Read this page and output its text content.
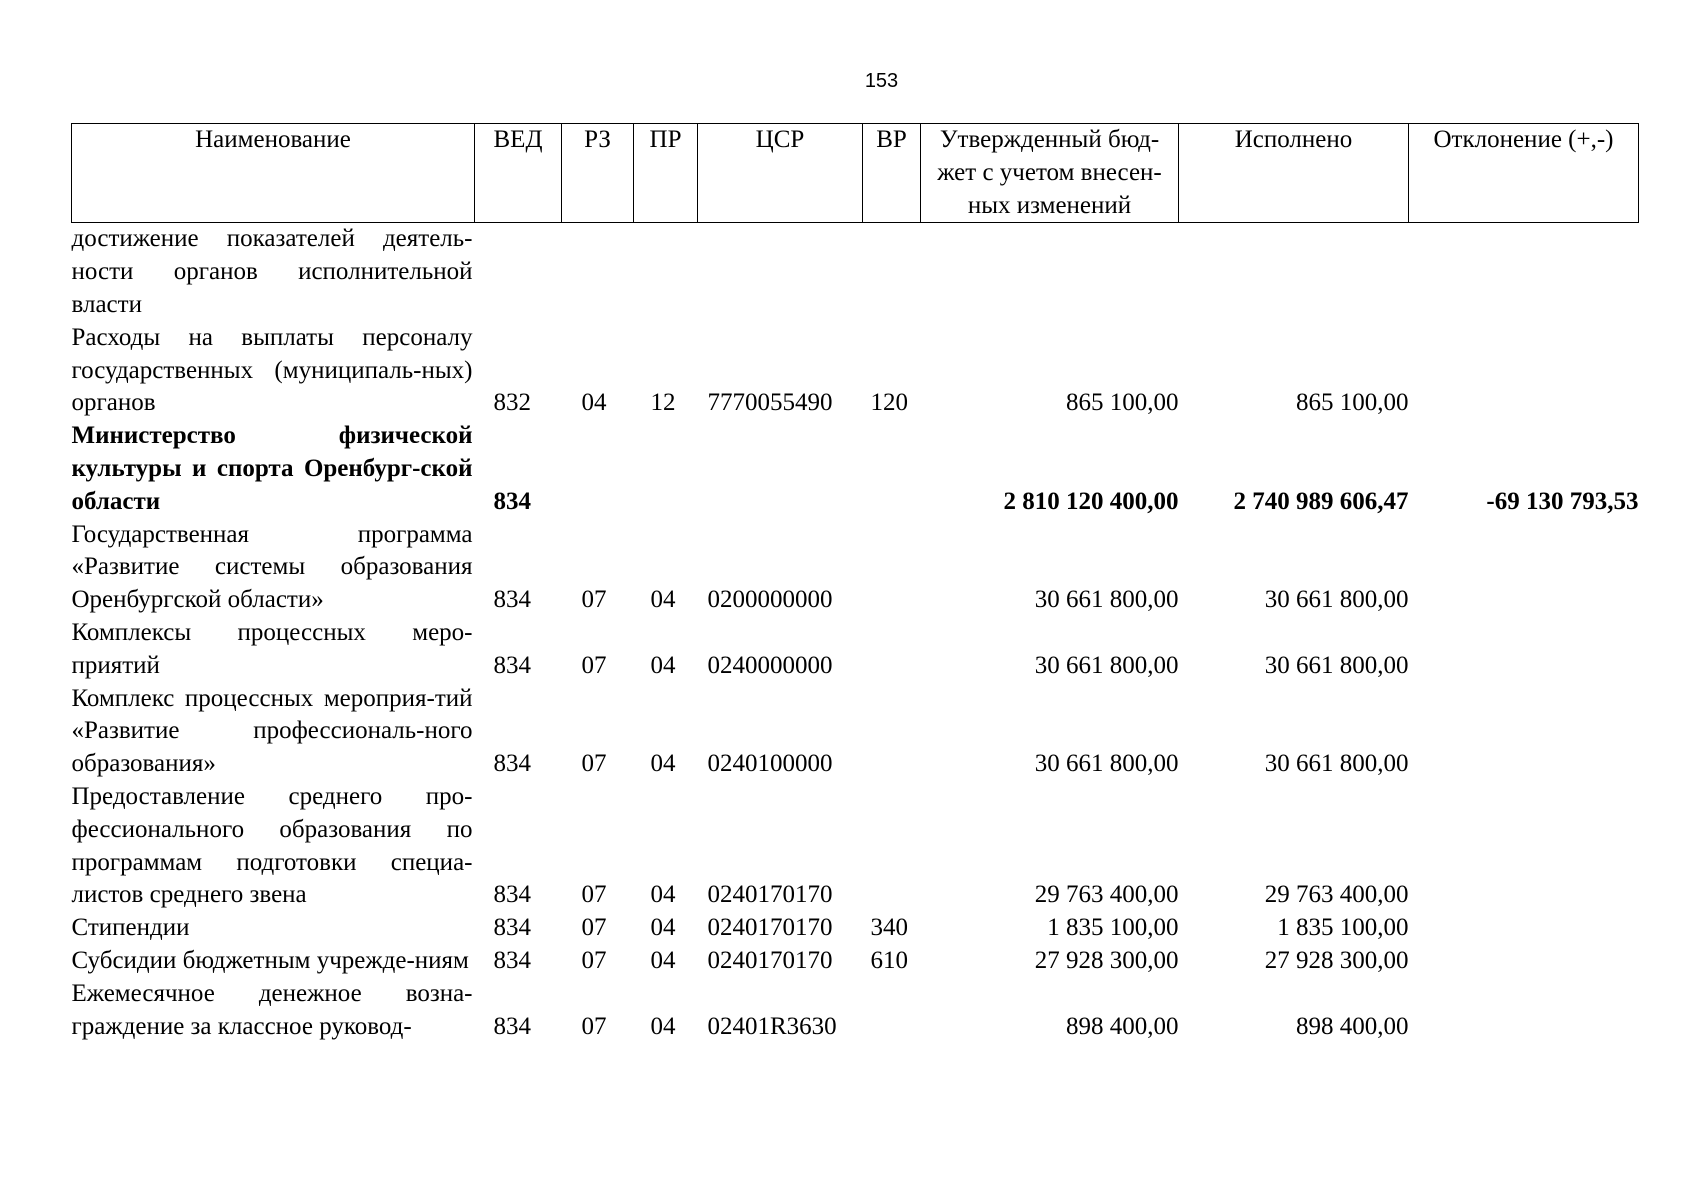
153
Наименование	ВЕД	РЗ	ПР	ЦСР	ВР	Утвержденный бюд-жет с учетом внесен-ных изменений	Исполнено	Отклонение (+,-)
достижение показателей деятель-ности органов исполнительной власти								
Расходы на выплаты персоналу государственных (муниципаль-ных) органов	832	04	12	7770055490	120	865 100,00	865 100,00	
Министерство физической культуры и спорта Оренбург-ской области	834					2 810 120 400,00	2 740 989 606,47	-69 130 793,53
Государственная программа «Развитие системы образования Оренбургской области»	834	07	04	0200000000		30 661 800,00	30 661 800,00	
Комплексы процессных меро-приятий	834	07	04	0240000000		30 661 800,00	30 661 800,00	
Комплекс процессных мероприя-тий «Развитие профессиональ-ного образования»	834	07	04	0240100000		30 661 800,00	30 661 800,00	
Предоставление среднего про-фессионального образования по программам подготовки специа-листов среднего звена	834	07	04	0240170170		29 763 400,00	29 763 400,00	
Стипендии	834	07	04	0240170170	340	1 835 100,00	1 835 100,00	
Субсидии бюджетным учрежде-ниям	834	07	04	0240170170	610	27 928 300,00	27 928 300,00	
Ежемесячное денежное возна-граждение за классное руковод-	834	07	04	02401R3630		898 400,00	898 400,00	
